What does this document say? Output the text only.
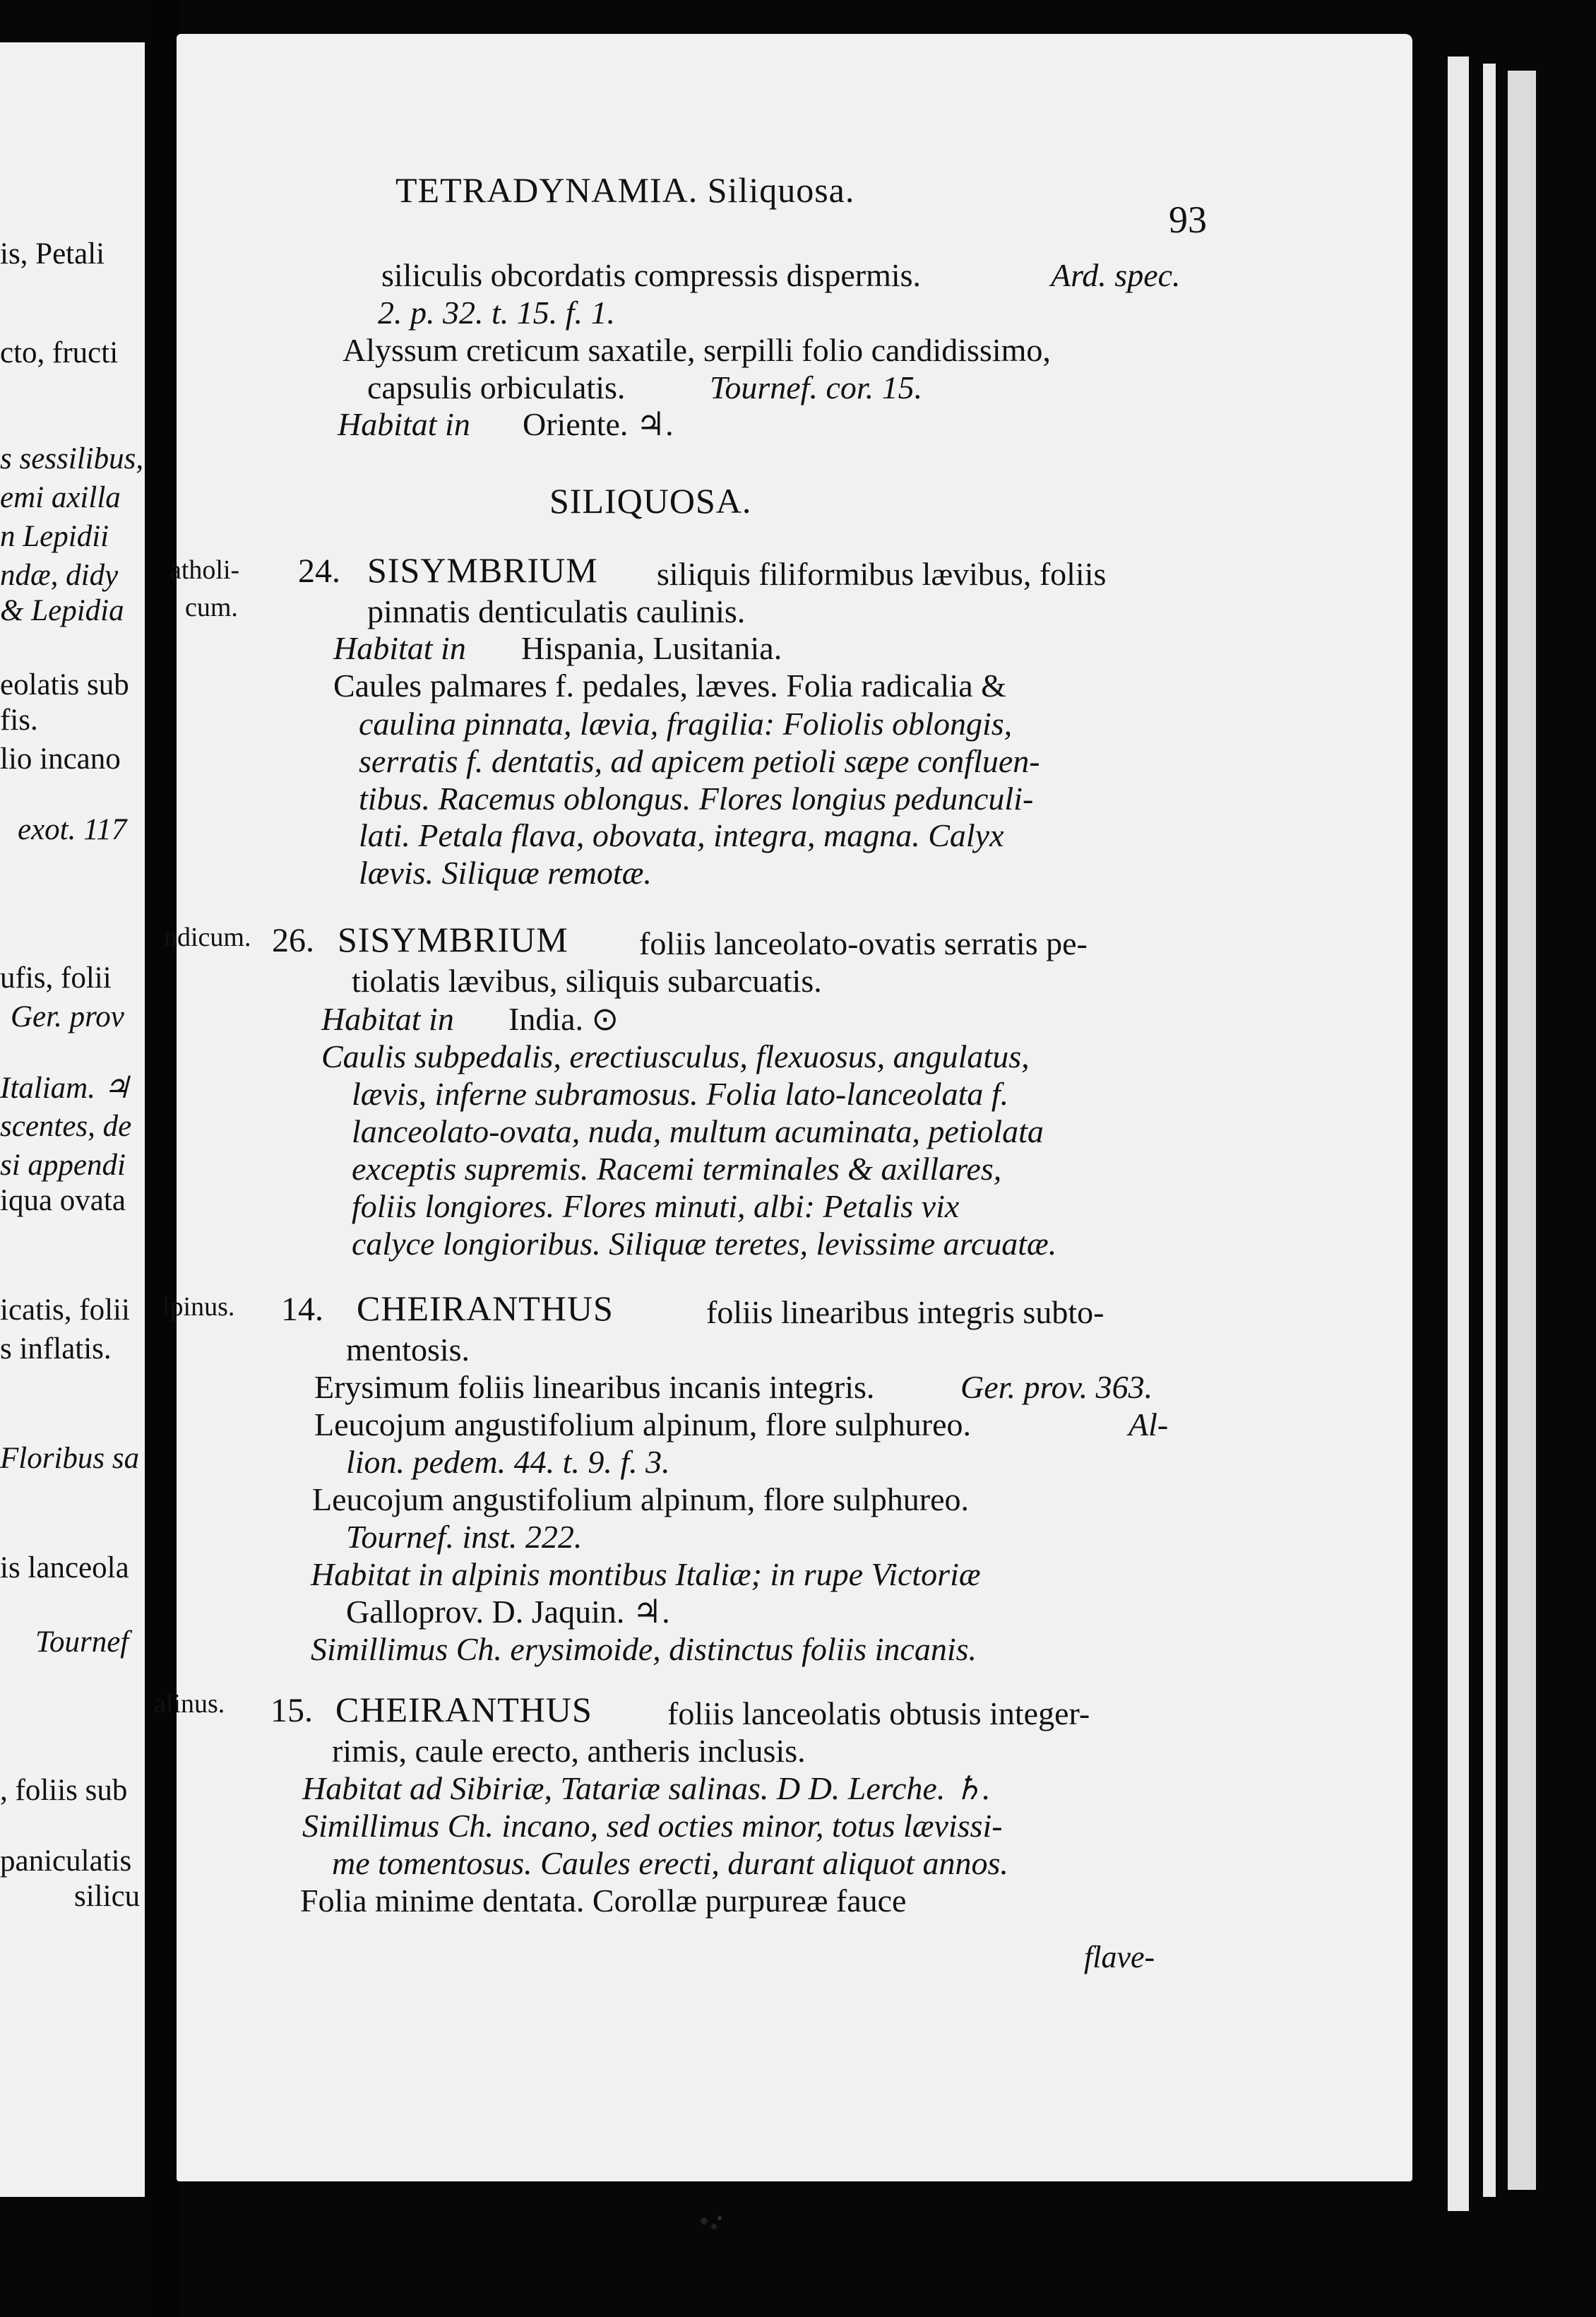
is, Petali
cto, fructi
s sessilibus,
emi axilla
n Lepidii
ndæ, didy
& Lepidia
eolatis sub
fis.
lio incano
exot. 117
ufis, folii
Ger. prov
Italiam. ♃
scentes, de
si appendi
iqua ovata
icatis, folii
s inflatis.
Floribus sa
is lanceola
Tournef
, foliis sub
paniculatis
silicu
atholi-
cum.
ndicum.
lpinus.
alinus.
TETRADYNAMIA. Siliquosa.
93
siliculis obcordatis compressis dispermis.	Ard. spec.
2. p. 32. t. 15. f. 1.
Alyssum creticum saxatile, serpilli folio candidissimo,
capsulis orbiculatis.	Tournef. cor. 15.
Habitat in Oriente. ♃.
SILIQUOSA.
24. SISYMBRIUM siliquis filiformibus lævibus, foliis
pinnatis denticulatis caulinis.
Habitat in Hispania, Lusitania.
Caules palmares f. pedales, læves. Folia radicalia &
caulina pinnata, lævia, fragilia: Foliolis oblongis,
serratis f. dentatis, ad apicem petioli sæpe confluen-
tibus. Racemus oblongus. Flores longius pedunculi-
lati. Petala flava, obovata, integra, magna. Calyx
lævis. Siliquæ remotæ.
26. SISYMBRIUM foliis lanceolato-ovatis serratis pe-
tiolatis lævibus, siliquis subarcuatis.
Habitat in India. ⊙
Caulis subpedalis, erectiusculus, flexuosus, angulatus,
lævis, inferne subramosus. Folia lato-lanceolata f.
lanceolato-ovata, nuda, multum acuminata, petiolata
exceptis supremis. Racemi terminales & axillares,
foliis longiores. Flores minuti, albi: Petalis vix
calyce longioribus. Siliquæ teretes, levissime arcuatæ.
14. CHEIRANTHUS	foliis linearibus integris subto-
mentosis.
Erysimum foliis linearibus incanis integris.	Ger. prov. 363.
Leucojum angustifolium alpinum, flore sulphureo.	Al-
lion. pedem. 44. t. 9. f. 3.
Leucojum angustifolium alpinum, flore sulphureo.
Tournef. inst. 222.
Habitat in alpinis montibus Italiæ; in rupe Victoriæ
Galloprov. D. Jaquin. ♃.
Simillimus Ch. erysimoide, distinctus foliis incanis.
15. CHEIRANTHUS foliis lanceolatis obtusis integer-
rimis, caule erecto, antheris inclusis.
Habitat ad Sibiriæ, Tatariæ salinas. D D. Lerche. ♄.
Simillimus Ch. incano, sed octies minor, totus lævissi-
me tomentosus. Caules erecti, durant aliquot annos.
Folia minime dentata. Corollæ purpureæ fauce
flave-
